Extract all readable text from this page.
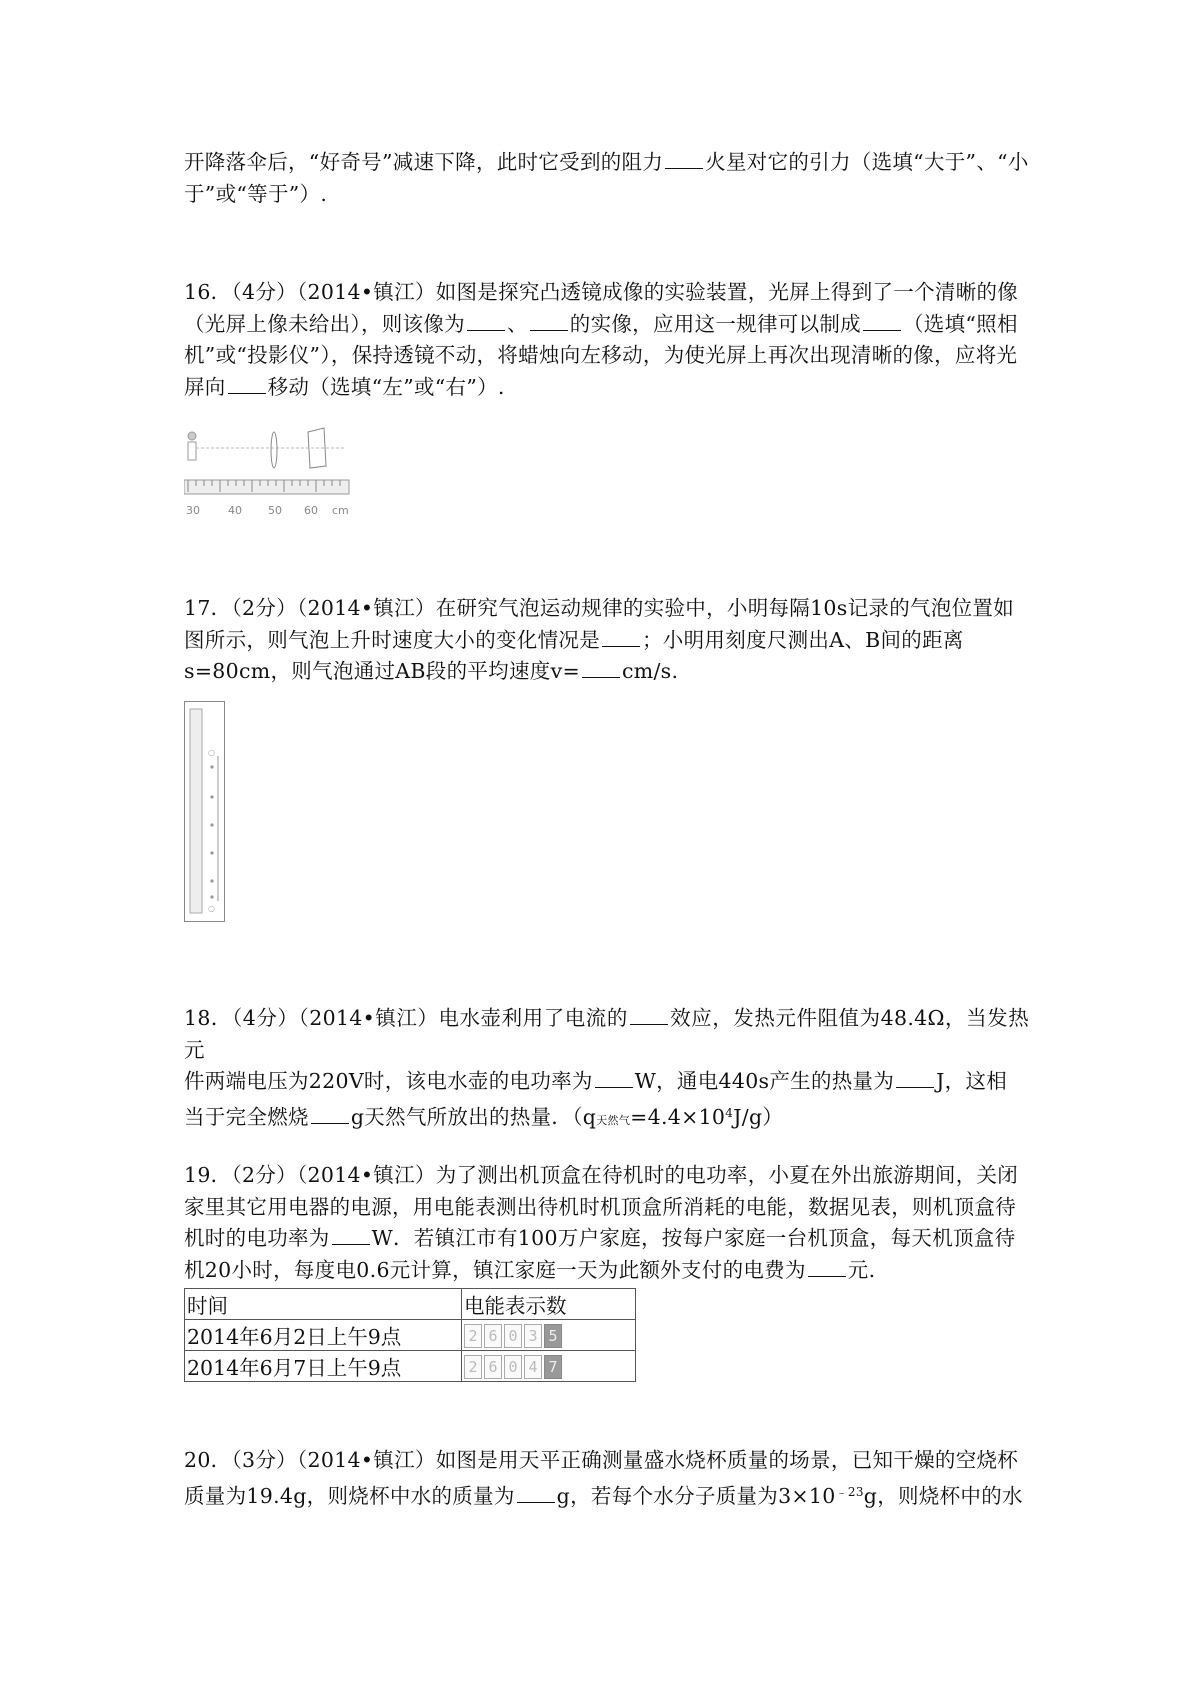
开降落伞后，“好奇号”减速下降，此时它受到的阻力 火星对它的引力（选填“大于”、“小
于”或“等于”）.
16．（4分）（2014•镇江）如图是探究凸透镜成像的实验装置，光屏上得到了一个清晰的像
（光屏上像未给出），则该像为 、 的实像，应用这一规律可以制成 （选填“照相
机”或“投影仪”），保持透镜不动，将蜡烛向左移动，为使光屏上再次出现清晰的像，应将光
屏向 移动（选填“左”或“右”）.
30	40 50 60 cm
17．（2分）（2014•镇江）在研究气泡运动规律的实验中，小明每隔10s记录的气泡位置如
图所示，则气泡上升时速度大小的变化情况是 ；小明用刻度尺测出A、B间的距离
s=80cm，则气泡通过AB段的平均速度v= cm/s.
○
○
18．（4分）（2014•镇江）电水壶利用了电流的 效应，发热元件阻值为48.4Ω，当发热元
件两端电压为220V时，该电水壶的电功率为 W，通电440s产生的热量为 J，这相
当于完全燃烧 g天然气所放出的热量．（q天然气$=4.4\times 10^4J/g$）
19．（2分）（2014•镇江）为了测出机顶盒在待机时的电功率，小夏在外出旅游期间，关闭
家里其它用电器的电源，用电能表测出待机时机顶盒所消耗的电能，数据见表，则机顶盒待
机时的电功率为 W．若镇江市有100万户家庭，按每户家庭一台机顶盒，每天机顶盒待
机20小时，每度电0.6元计算，镇江家庭一天为此额外支付的电费为 元.
时间	电能表示数
2014年6月2日上午9点	2 6 0 3 5

2014年6月7日上午9点	2 6 0 4 7
20．（3分）（2014•镇江）如图是用天平正确测量盛水烧杯质量的场景，已知干燥的空烧杯
质量为19.4g，则烧杯中水的质量为 g，若每个水分子质量为$3\times 10^{﹣23}g$，则烧杯中的水
